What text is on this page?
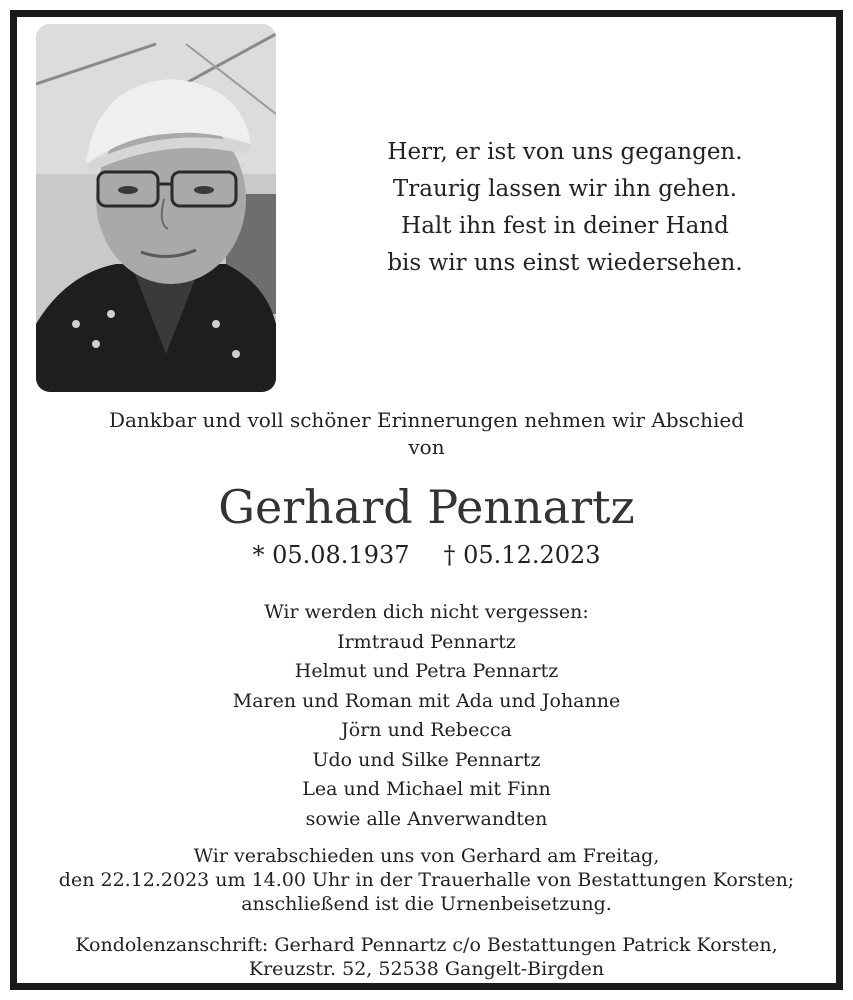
Herr, er ist von uns gegangen.
Traurig lassen wir ihn gehen.
Halt ihn fest in deiner Hand
bis wir uns einst wiedersehen.
Dankbar und voll schöner Erinnerungen nehmen wir Abschied
von
Gerhard Pennartz
* 05.08.1937 † 05.12.2023
Wir werden dich nicht vergessen:
Irmtraud Pennartz
Helmut und Petra Pennartz
Maren und Roman mit Ada und Johanne
Jörn und Rebecca
Udo und Silke Pennartz
Lea und Michael mit Finn
sowie alle Anverwandten
Wir verabschieden uns von Gerhard am Freitag,
den 22.12.2023 um 14.00 Uhr in der Trauerhalle von Bestattungen Korsten;
anschließend ist die Urnenbeisetzung.
Kondolenzanschrift: Gerhard Pennartz c/o Bestattungen Patrick Korsten,
Kreuzstr. 52, 52538 Gangelt-Birgden
